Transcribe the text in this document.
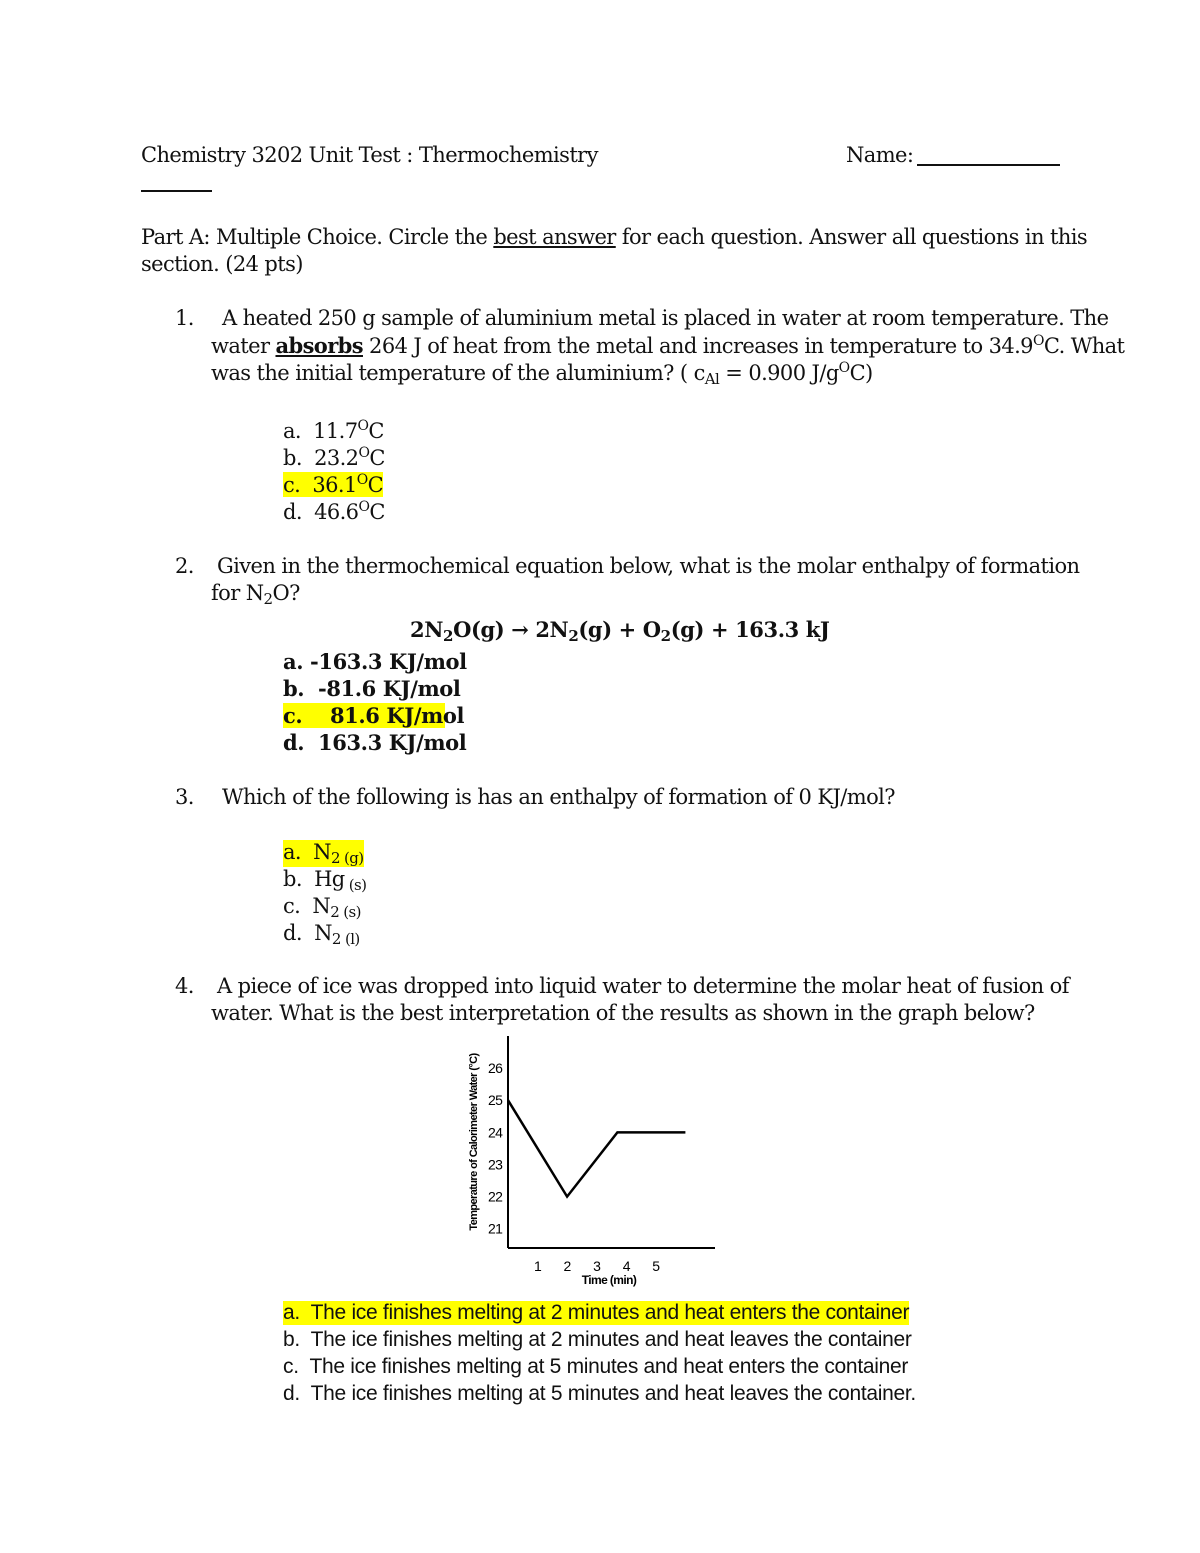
Chemistry 3202 Unit Test : Thermochemistry	Name:
Part A: Multiple Choice. Circle the best answer for each question. Answer all questions in this
section. (24 pts)
1. A heated 250 g sample of aluminium metal is placed in water at room temperature. The
water absorbs 264 J of heat from the metal and increases in temperature to $34.9^OC$. What
was the initial temperature of the aluminium? ( $c_{Al} = 0.900$ $J/g^OC$)
a. $11.7^OC$
b. $23.2^OC$
c. $36.1^OC$
d. $46.6^OC$
2. Given in the thermochemical equation below, what is the molar enthalpy of formation
for $N_2O$?
$2N_2O(g) \to 2N_2(g) + O_2(g) + 163.3$ kJ
a. -163.3 KJ/mol
b. -81.6 KJ/mol
c. 81.6 KJ/mol
d. 163.3 KJ/mol
3. Which of the following is has an enthalpy of formation of 0 KJ/mol?
a. $N_{2 (g)}$
b. Hg $_{(s)}$
c. $N_{2 (s)}$
d. $N_{2 (l)}$
4. A piece of ice was dropped into liquid water to determine the molar heat of fusion of
water. What is the best interpretation of the results as shown in the graph below?
Temperature of Calorimeter Water (°C)
Time (min)
21
22
23
24
25
26
1 2 3 4 5
a. The ice finishes melting at 2 minutes and heat enters the container
b. The ice finishes melting at 2 minutes and heat leaves the container
c. The ice finishes melting at 5 minutes and heat enters the container
d. The ice finishes melting at 5 minutes and heat leaves the container.
